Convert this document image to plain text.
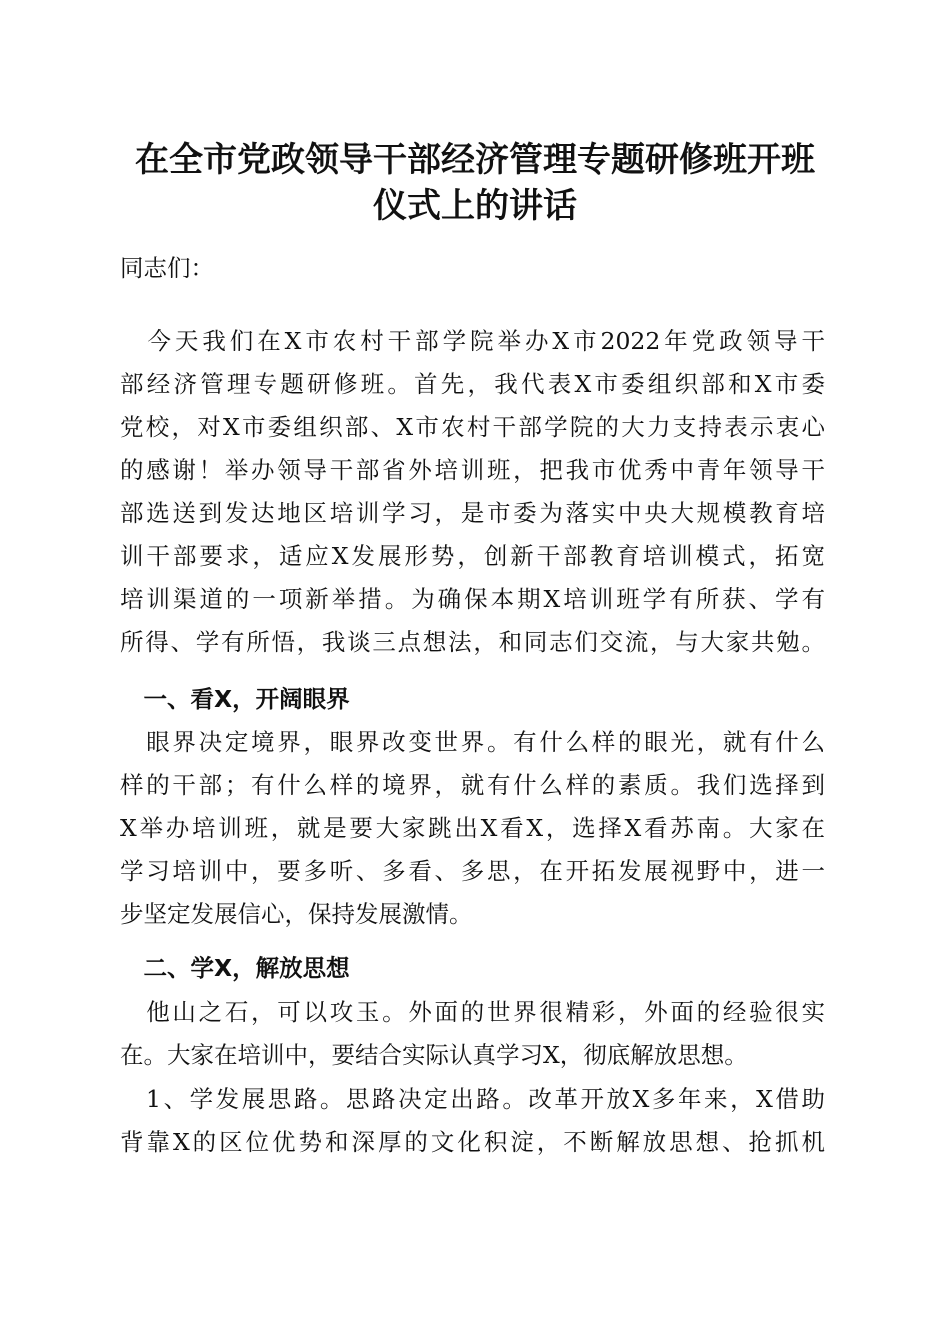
在全市党政领导干部经济管理专题研修班开班
仪式上的讲话
同志们：
　今天我们在X市农村干部学院举办X市2022年党政领导干
部经济管理专题研修班。首先，我代表X市委组织部和X市委
党校，对X市委组织部、X市农村干部学院的大力支持表示衷心
的感谢！举办领导干部省外培训班，把我市优秀中青年领导干
部选送到发达地区培训学习，是市委为落实中央大规模教育培
训干部要求，适应X发展形势，创新干部教育培训模式，拓宽
培训渠道的一项新举措。为确保本期X培训班学有所获、学有
所得、学有所悟，我谈三点想法，和同志们交流，与大家共勉。
　一、看X，开阔眼界
　眼界决定境界，眼界改变世界。有什么样的眼光，就有什么
样的干部；有什么样的境界，就有什么样的素质。我们选择到
X举办培训班，就是要大家跳出X看X，选择X看苏南。大家在
学习培训中，要多听、多看、多思，在开拓发展视野中，进一
步坚定发展信心，保持发展激情。
　二、学X，解放思想
　他山之石，可以攻玉。外面的世界很精彩，外面的经验很实
在。大家在培训中，要结合实际认真学习X，彻底解放思想。
　1、学发展思路。思路决定出路。改革开放X多年来，X借助
背靠X的区位优势和深厚的文化积淀，不断解放思想、抢抓机
